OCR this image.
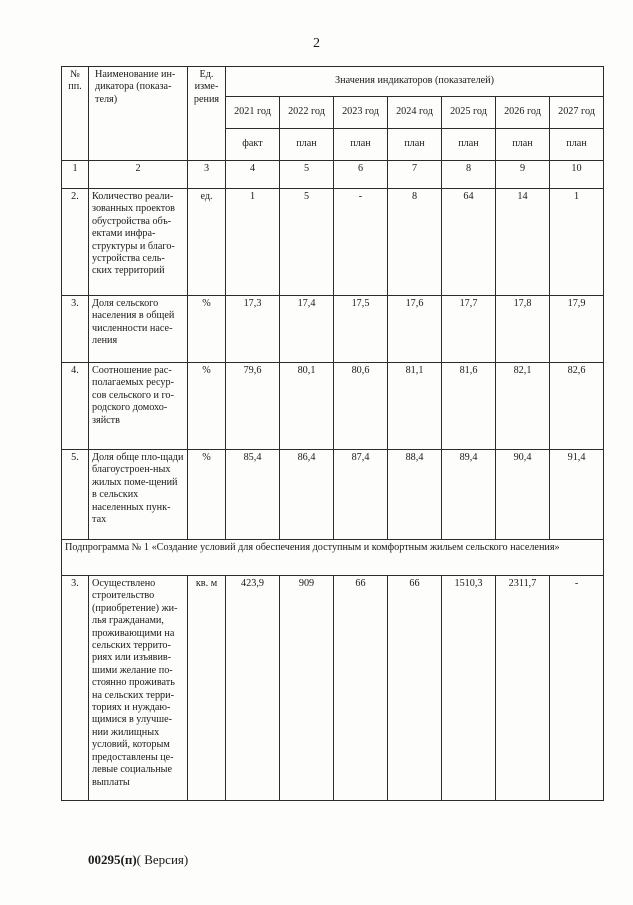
2
№ пп.	Наименование ин-дикатора (показа-теля)	Ед. изме-рения	Значения индикаторов (показателей)						
			2021 год	2022 год	2023 год	2024 год	2025 год	2026 год	2027 год
			факт	план	план	план	план	план	план
1	2	3	4	5	6	7	8	9	10
2.	Количество реали-зованных проектов обустройства объ-ектами инфра-структуры и благо-устройства сель-ских территорий	ед.	1	5	-	8	64	14	1
3.	Доля сельского населения в общей численности насе-ления	%	17,3	17,4	17,5	17,6	17,7	17,8	17,9
4.	Соотношение рас-полагаемых ресур-сов сельского и го-родского домохо-зяйств	%	79,6	80,1	80,6	81,1	81,6	82,1	82,6
5.	Доля обще пло-щади благоустроен-ных жилых поме-щений в сельских населенных пунк-тах	%	85,4	86,4	87,4	88,4	89,4	90,4	91,4
Подпрограмма № 1 «Создание условий для обеспечения доступным и комфортным жильем сельского населения»									
3.	Осуществлено строительство (приобретение) жи-лья гражданами, проживающими на сельских террито-риях или изъявив-шими желание по-стоянно проживать на сельских терри-ториях и нуждаю-щимися в улучше-нии жилищных условий, которым предоставлены це-левые социальные выплаты	кв. м	423,9	909	66	66	1510,3	2311,7	-
00295(п)( Версия)
